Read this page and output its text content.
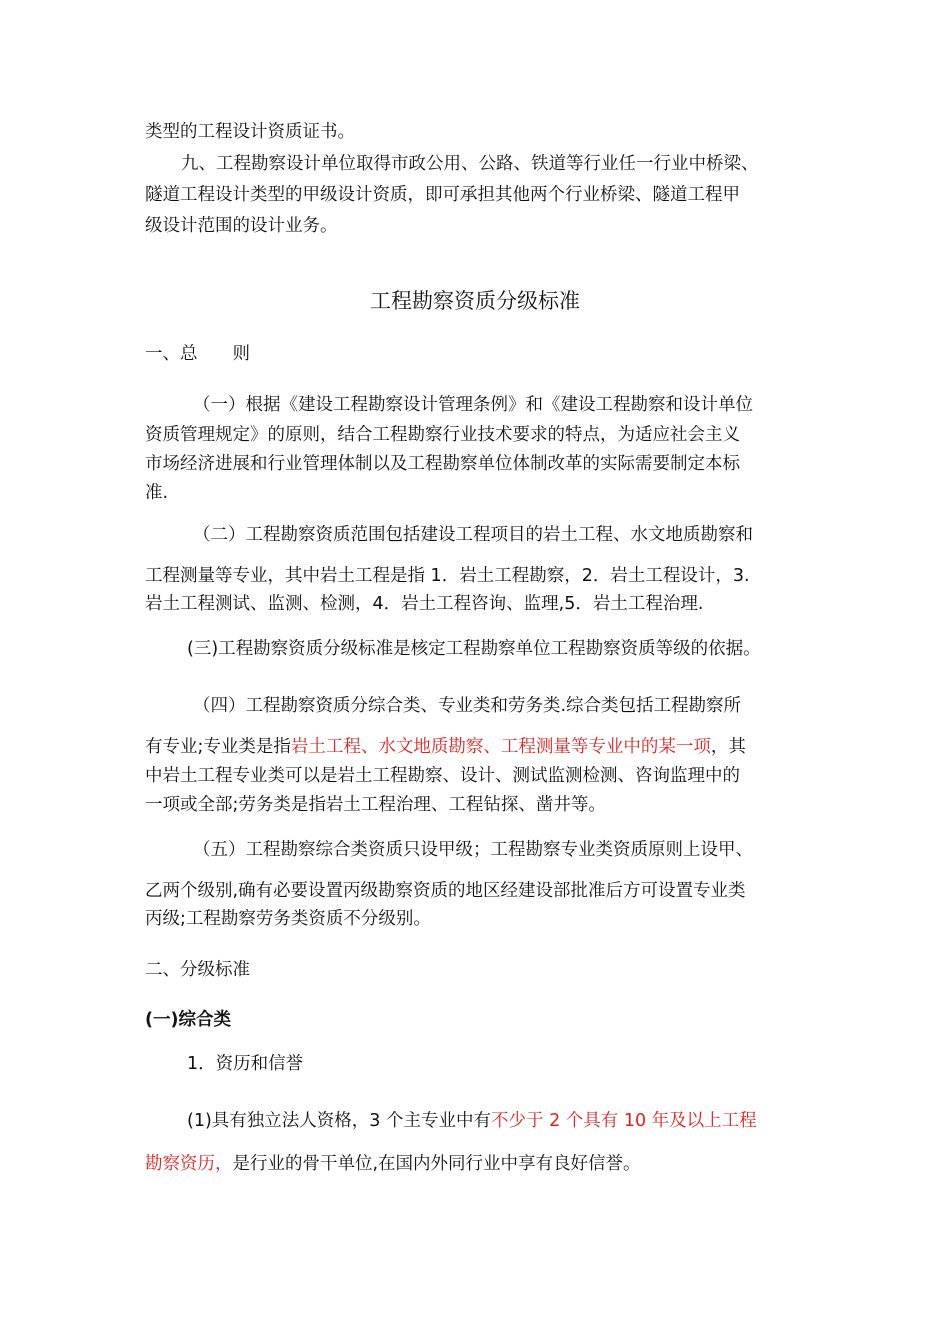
类型的工程设计资质证书。
九、工程勘察设计单位取得市政公用、公路、铁道等行业任一行业中桥梁、
隧道工程设计类型的甲级设计资质，即可承担其他两个行业桥梁、隧道工程甲
级设计范围的设计业务。
工程勘察资质分级标准
一、总　　则
（一）根据《建设工程勘察设计管理条例》和《建设工程勘察和设计单位
资质管理规定》的原则，结合工程勘察行业技术要求的特点，为适应社会主义
市场经济进展和行业管理体制以及工程勘察单位体制改革的实际需要制定本标
准.
（二）工程勘察资质范围包括建设工程项目的岩土工程、水文地质勘察和
工程测量等专业，其中岩土工程是指 1．岩土工程勘察，2．岩土工程设计，3.
岩土工程测试、监测、检测，4．岩土工程咨询、监理,5．岩土工程治理.
(三)工程勘察资质分级标准是核定工程勘察单位工程勘察资质等级的依据。
（四）工程勘察资质分综合类、专业类和劳务类.综合类包括工程勘察所
有专业;专业类是指岩土工程、水文地质勘察、工程测量等专业中的某一项，其
中岩土工程专业类可以是岩土工程勘察、设计、测试监测检测、咨询监理中的
一项或全部;劳务类是指岩土工程治理、工程钻探、凿井等。
（五）工程勘察综合类资质只设甲级；工程勘察专业类资质原则上设甲、
乙两个级别,确有必要设置丙级勘察资质的地区经建设部批准后方可设置专业类
丙级;工程勘察劳务类资质不分级别。
二、分级标准
(一)综合类
1．资历和信誉
(1)具有独立法人资格，3 个主专业中有不少于 2 个具有 10 年及以上工程
勘察资历，是行业的骨干单位,在国内外同行业中享有良好信誉。
